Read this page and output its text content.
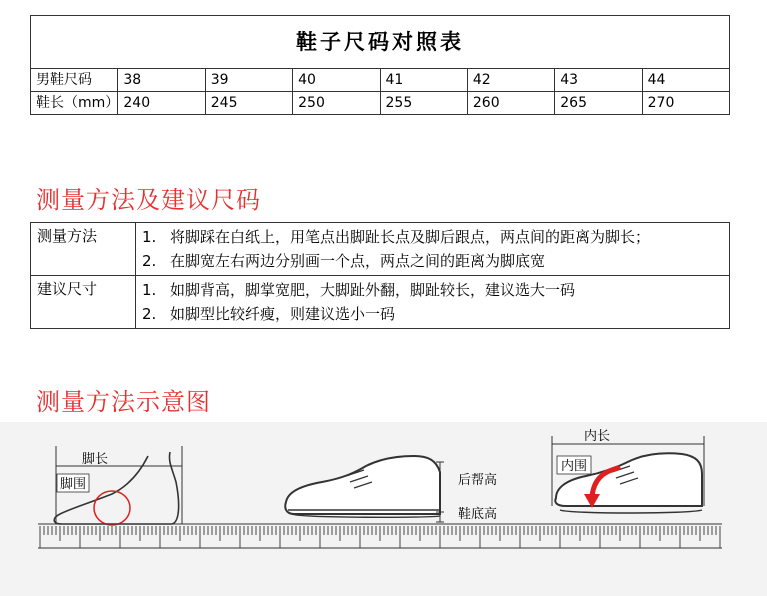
鞋子尺码对照表							
男鞋尺码	38	39	40	41	42	43	44
鞋长（mm）	240	245	250	255	260	265	270
测量方法及建议尺码
测量方法	1. 将脚踩在白纸上，用笔点出脚趾长点及脚后跟点，两点间的距离为脚长；
2. 在脚宽左右两边分别画一个点，两点之间的距离为脚底宽

建议尺寸	1. 如脚背高，脚掌宽肥，大脚趾外翻，脚趾较长，建议选大一码
2. 如脚型比较纤瘦，则建议选小一码
测量方法示意图
脚长
脚围	后帮高
鞋底高
内长
内围
